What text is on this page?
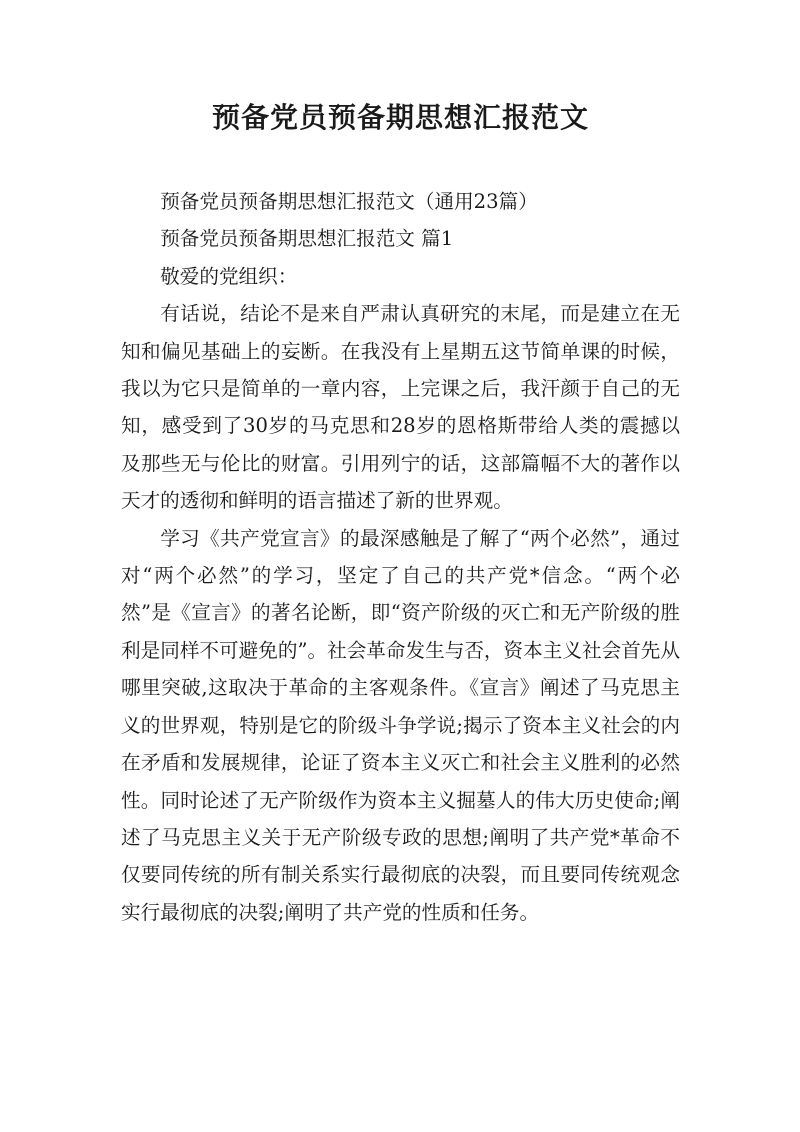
预备党员预备期思想汇报范文

预备党员预备期思想汇报范文（通用23篇）

预备党员预备期思想汇报范文 篇1

敬爱的党组织：

有话说，结论不是来自严肃认真研究的末尾，而是建立在无知和偏见基础上的妄断。在我没有上星期五这节简单课的时候，我以为它只是简单的一章内容，上完课之后，我汗颜于自己的无知，感受到了30岁的马克思和28岁的恩格斯带给人类的震撼以及那些无与伦比的财富。引用列宁的话，这部篇幅不大的著作以天才的透彻和鲜明的语言描述了新的世界观。

学习《共产党宣言》的最深感触是了解了“两个必然”，通过对“两个必然”的学习，坚定了自己的共产党*信念。“两个必然”是《宣言》的著名论断，即“资产阶级的灭亡和无产阶级的胜利是同样不可避免的”。社会革命发生与否，资本主义社会首先从哪里突破,这取决于革命的主客观条件。《宣言》阐述了马克思主义的世界观，特别是它的阶级斗争学说;揭示了资本主义社会的内在矛盾和发展规律，论证了资本主义灭亡和社会主义胜利的必然性。同时论述了无产阶级作为资本主义掘墓人的伟大历史使命;阐述了马克思主义关于无产阶级专政的思想;阐明了共产党*革命不仅要同传统的所有制关系实行最彻底的决裂，而且要同传统观念实行最彻底的决裂;阐明了共产党的性质和任务。
